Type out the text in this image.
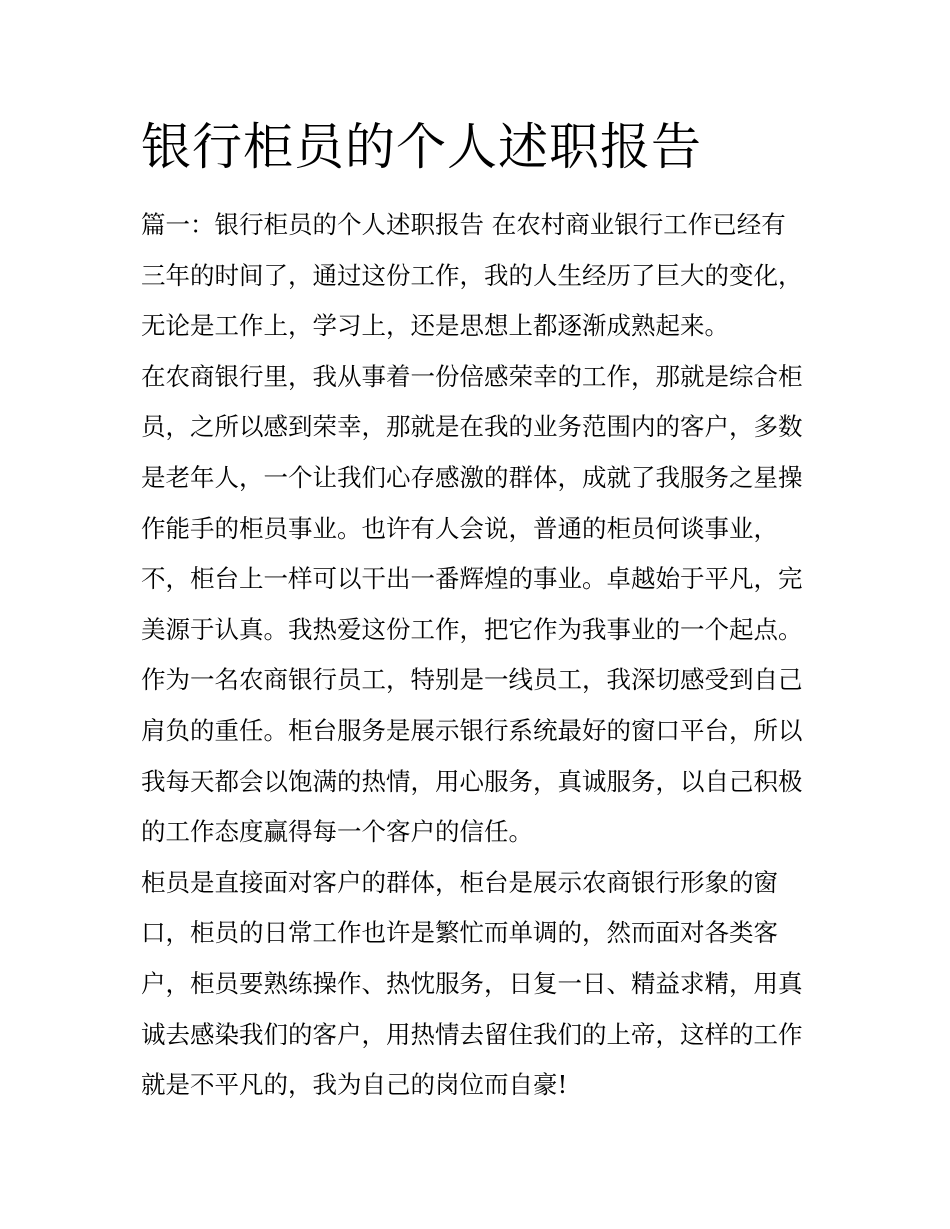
银行柜员的个人述职报告
篇一：银行柜员的个人述职报告 在农村商业银行工作已经有
三年的时间了，通过这份工作，我的人生经历了巨大的变化，
无论是工作上，学习上，还是思想上都逐渐成熟起来。
在农商银行里，我从事着一份倍感荣幸的工作，那就是综合柜
员，之所以感到荣幸，那就是在我的业务范围内的客户，多数
是老年人，一个让我们心存感激的群体，成就了我服务之星操
作能手的柜员事业。也许有人会说，普通的柜员何谈事业，
不，柜台上一样可以干出一番辉煌的事业。卓越始于平凡，完
美源于认真。我热爱这份工作，把它作为我事业的一个起点。
作为一名农商银行员工，特别是一线员工，我深切感受到自己
肩负的重任。柜台服务是展示银行系统最好的窗口平台，所以
我每天都会以饱满的热情，用心服务，真诚服务，以自己积极
的工作态度赢得每一个客户的信任。
柜员是直接面对客户的群体，柜台是展示农商银行形象的窗
口，柜员的日常工作也许是繁忙而单调的，然而面对各类客
户，柜员要熟练操作、热忱服务，日复一日、精益求精，用真
诚去感染我们的客户，用热情去留住我们的上帝，这样的工作
就是不平凡的，我为自己的岗位而自豪!
